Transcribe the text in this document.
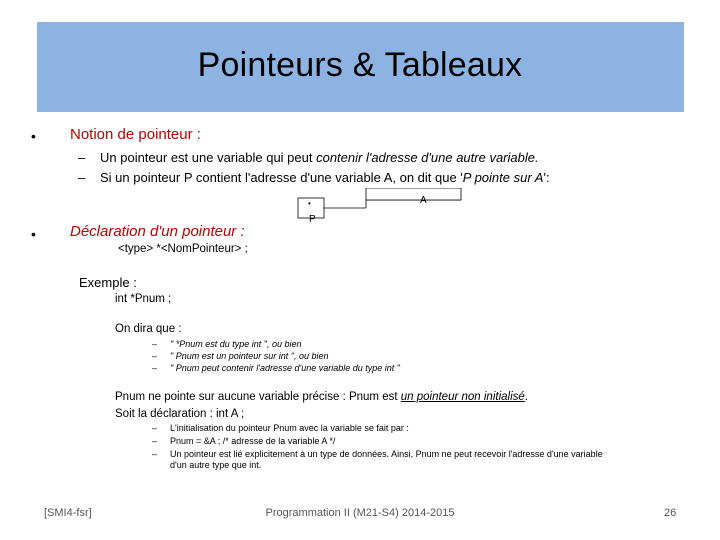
Pointeurs & Tableaux
• Notion de pointeur :
– Un pointeur est une variable qui peut contenir l'adresse d'une autre variable.
– Si un pointeur P contient l'adresse d'une variable A, on dit que 'P pointe sur A':
•
P
A
• Déclaration d'un pointeur :
<type> *<NomPointeur> ;
Exemple :
int *Pnum ;
On dira que :
– " *Pnum est du type int ", ou bien
– " Pnum est un pointeur sur int ", ou bien
– " Pnum peut contenir l'adresse d'une variable du type int "
Pnum ne pointe sur aucune variable précise : Pnum est un pointeur non initialisé.
Soit la déclaration : int A ;
– L'initialisation du pointeur Pnum avec la variable se fait par :
– Pnum = &A ; /* adresse de la variable A */
– Un pointeur est lié explicitement à un type de données. Ainsi, Pnum ne peut recevoir l'adresse d'une variable
d'un autre type que int.
[SMI4-fsr]	Programmation II (M21-S4) 2014-2015	26
